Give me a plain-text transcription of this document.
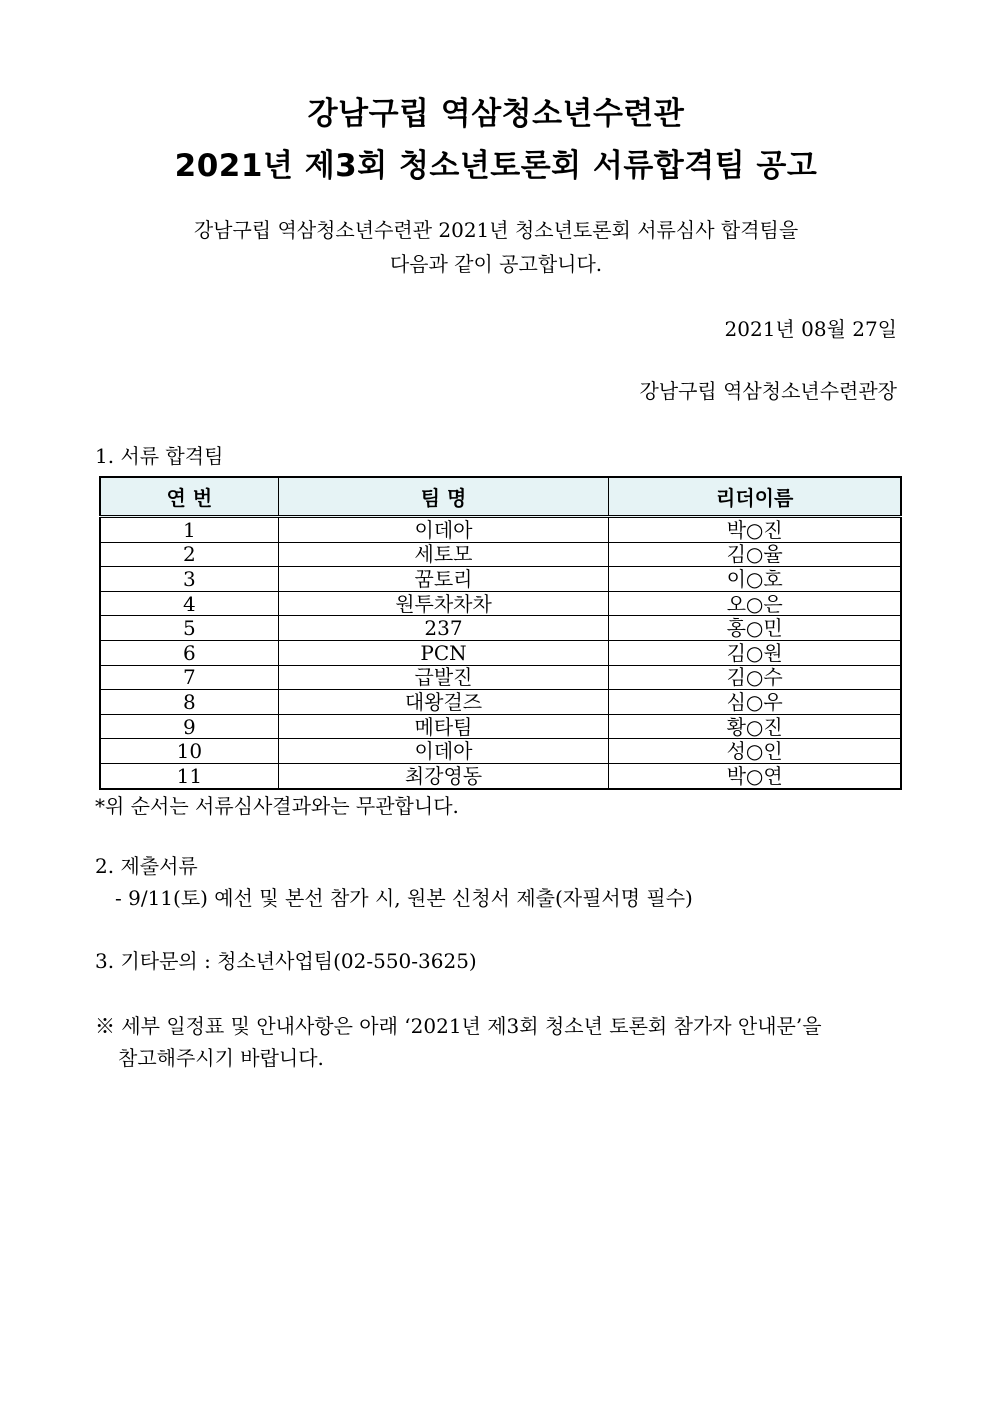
강남구립 역삼청소년수련관
2021년 제3회 청소년토론회 서류합격팀 공고
강남구립 역삼청소년수련관 2021년 청소년토론회 서류심사 합격팀을
다음과 같이 공고합니다.
2021년 08월 27일
강남구립 역삼청소년수련관장
1. 서류 합격팀
연 번	팀 명	리더이름
1	이데아	박○진
2	세토모	김○율
3	꿈토리	이○호
4	원투차차차	오○은
5	237	홍○민
6	PCN	김○원
7	급발진	김○수
8	대왕걸즈	심○우
9	메타팀	황○진
10	이데아	성○인
11	최강영동	박○연
*위 순서는 서류심사결과와는 무관합니다.
2. 제출서류
- 9/11(토) 예선 및 본선 참가 시, 원본 신청서 제출(자필서명 필수)
3. 기타문의 : 청소년사업팀(02-550-3625)
※ 세부 일정표 및 안내사항은 아래 ‘2021년 제3회 청소년 토론회 참가자 안내문’을
참고해주시기 바랍니다.
